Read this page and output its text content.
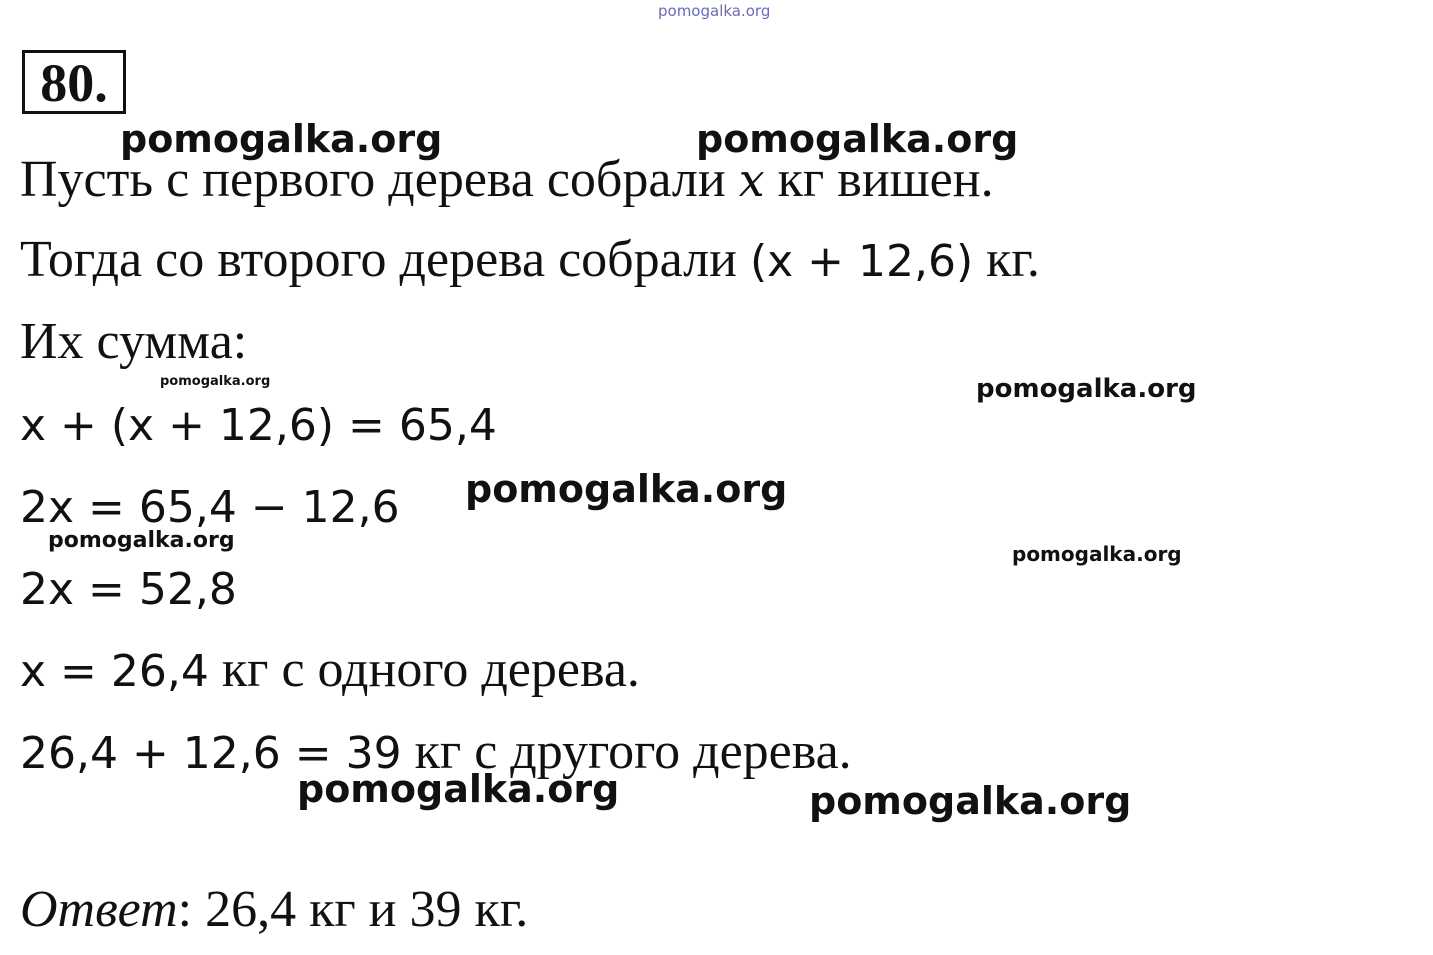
pomogalka.org
80.
pomogalka.org	pomogalka.org
Пусть с первого дерева собрали x кг вишен.
Тогда со второго дерева собрали (x + 12,6) кг.
Их сумма:
pomogalka.org	pomogalka.org
x + (x + 12,6) = 65,4
pomogalka.org
2x = 65,4 − 12,6
pomogalka.org
pomogalka.org
2x = 52,8
x = 26,4 кг с одного дерева.
26,4 + 12,6 = 39 кг с другого дерева.
pomogalka.org	pomogalka.org
Ответ: 26,4 кг и 39 кг.
